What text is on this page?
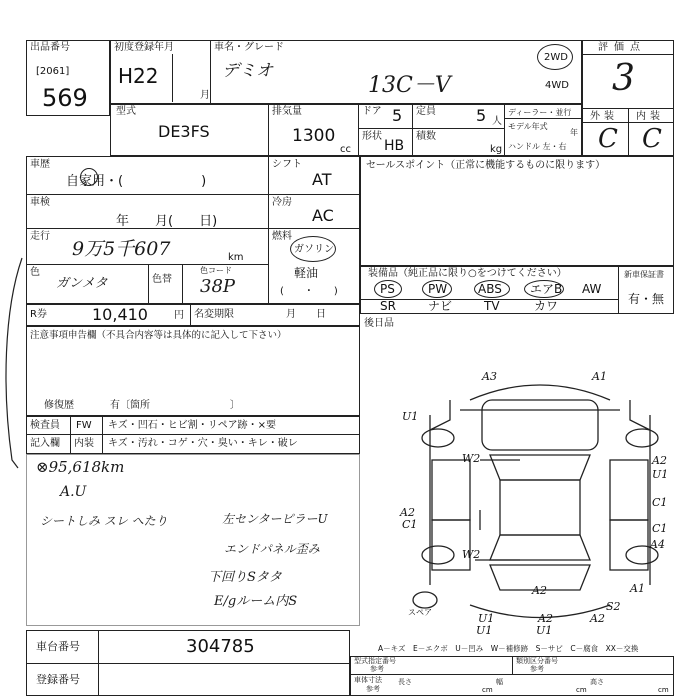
出品番号
[2061]
569
初度登録年月
H22
月
車名・グレード
デミオ
13C－V
2WD
4WD
評価点
3
外装 内装
C C
型式
DE3FS
排気量
1300
cc
ドア 5 定員	5 人
形状
HB
積数
kg
ディーラー・並行
モデル年式
年
ハンドル 左・右
車歴
自家用・(　　　　　　)
車検
年　　月(　　日)
走行
9万5千607	km
色
ガンメタ	色替
色コード
38P
シフト
AT
冷房
AC
燃料
ガソリン
軽油
(　　・　　)
R券	10,410	円 名変期限	月　　日
注意事項申告欄（不具合内容等は具体的に記入して下さい）
修復歴	有〔箇所　　　　　　　　〕
検査員
記入欄
FW キズ・凹石・ヒビ割・リペア跡・×要
内装 キズ・汚れ・コゲ・穴・臭い・キレ・破レ
⊗95,618km
A.U
シートしみ スレ へたり	左センターピラーU
エンドパネル歪み
下回りSタタ
E/gルーム内S
セールスポイント（正常に機能するものに限ります）
装備品（純正品に限り○をつけてください）	新車保証書
有・無
PS	PW	ABS エアB AW
SR	ナビ	TV	カワ
後日品
A3	A1
U1
W2	A2
U1
C1
A2
C1	C1
A4
W2
A1
A2
U1	A2
U1
A2
S2
U1
スペア
A－キズ　E－エクボ　U－凹み　W－補修跡　S－サビ　C－腐食　XX－交換
車台番号	304785
登録番号
型式指定番号
参考
類別区分番号
参考
車体寸法
参考
長さ
cm
幅
cm
高さ
cm
